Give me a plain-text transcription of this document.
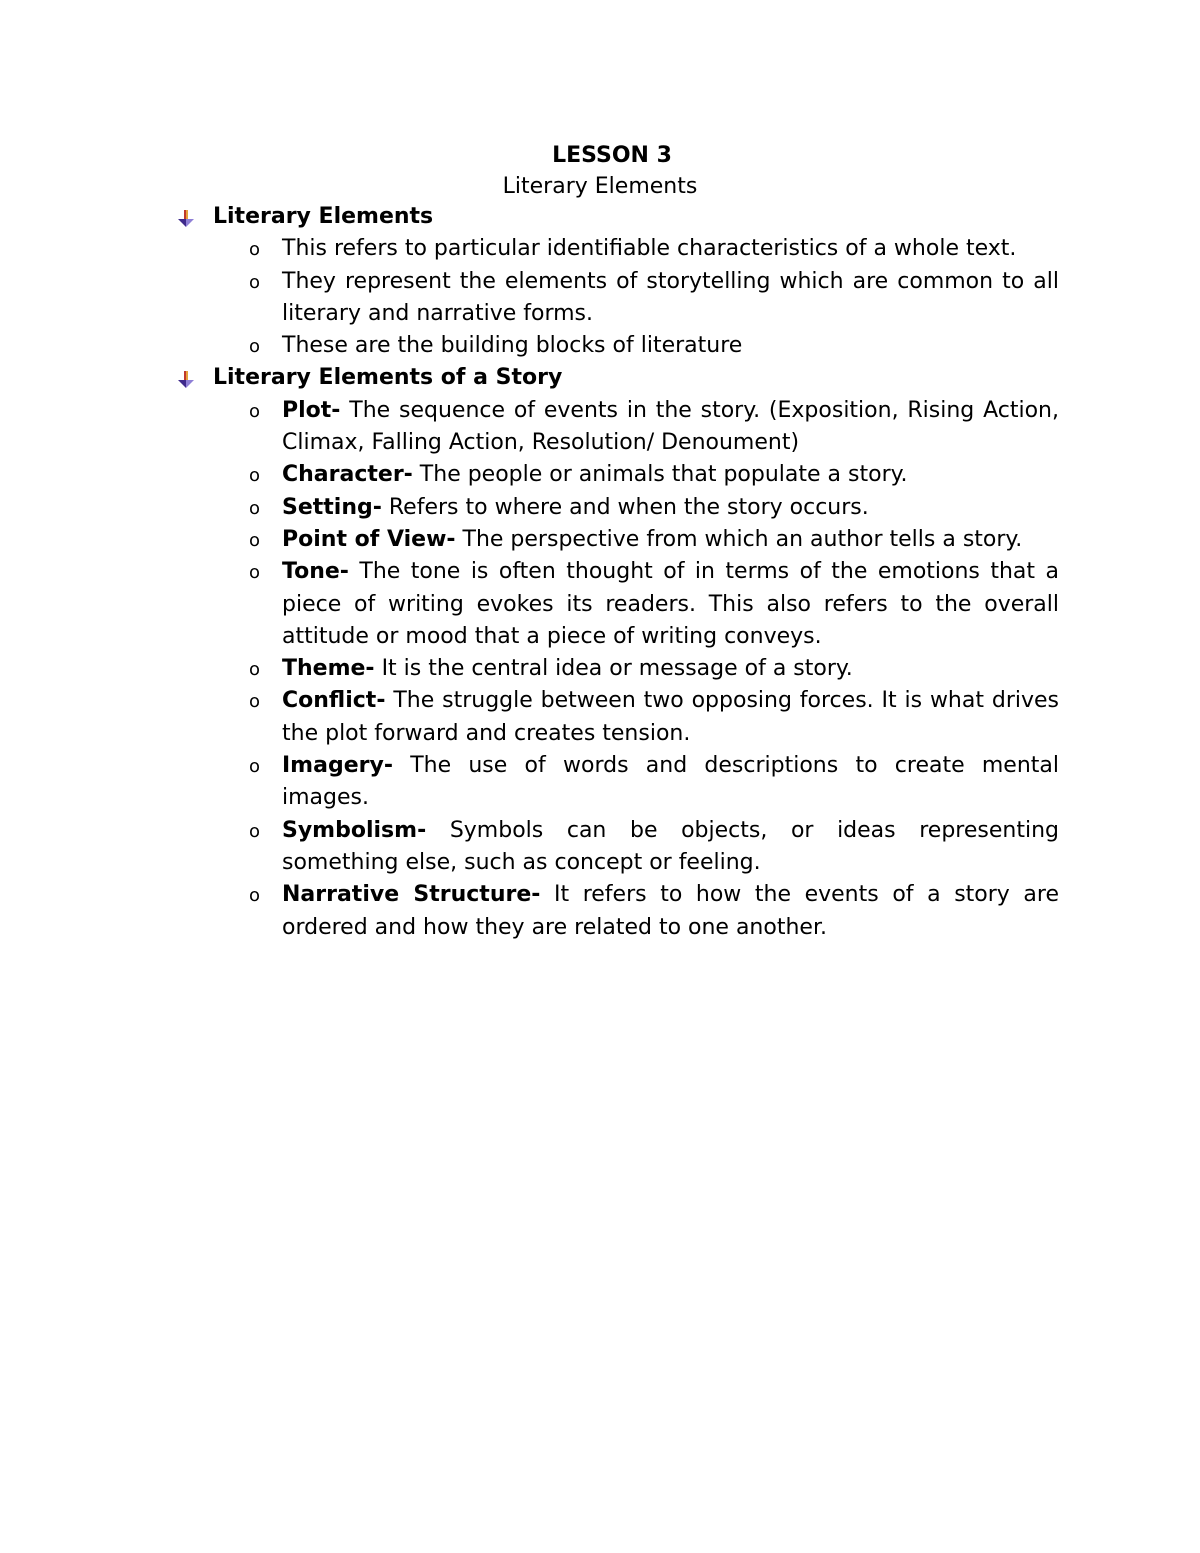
LESSON 3
Literary Elements
Literary Elements
o This refers to particular identifiable characteristics of a whole text.
o They represent the elements of storytelling which are common to all literary and narrative forms.
o These are the building blocks of literature
Literary Elements of a Story
o Plot- The sequence of events in the story. (Exposition, Rising Action, Climax, Falling Action, Resolution/ Denoument)
o Character- The people or animals that populate a story.
o Setting- Refers to where and when the story occurs.
o Point of View- The perspective from which an author tells a story.
o Tone- The tone is often thought of in terms of the emotions that a piece of writing evokes its readers. This also refers to the overall attitude or mood that a piece of writing conveys.
o Theme- It is the central idea or message of a story.
o Conflict- The struggle between two opposing forces. It is what drives the plot forward and creates tension.
o Imagery- The use of words and descriptions to create mental images.
o Symbolism- Symbols can be objects, or ideas representing something else, such as concept or feeling.
o Narrative Structure- It refers to how the events of a story are ordered and how they are related to one another.
